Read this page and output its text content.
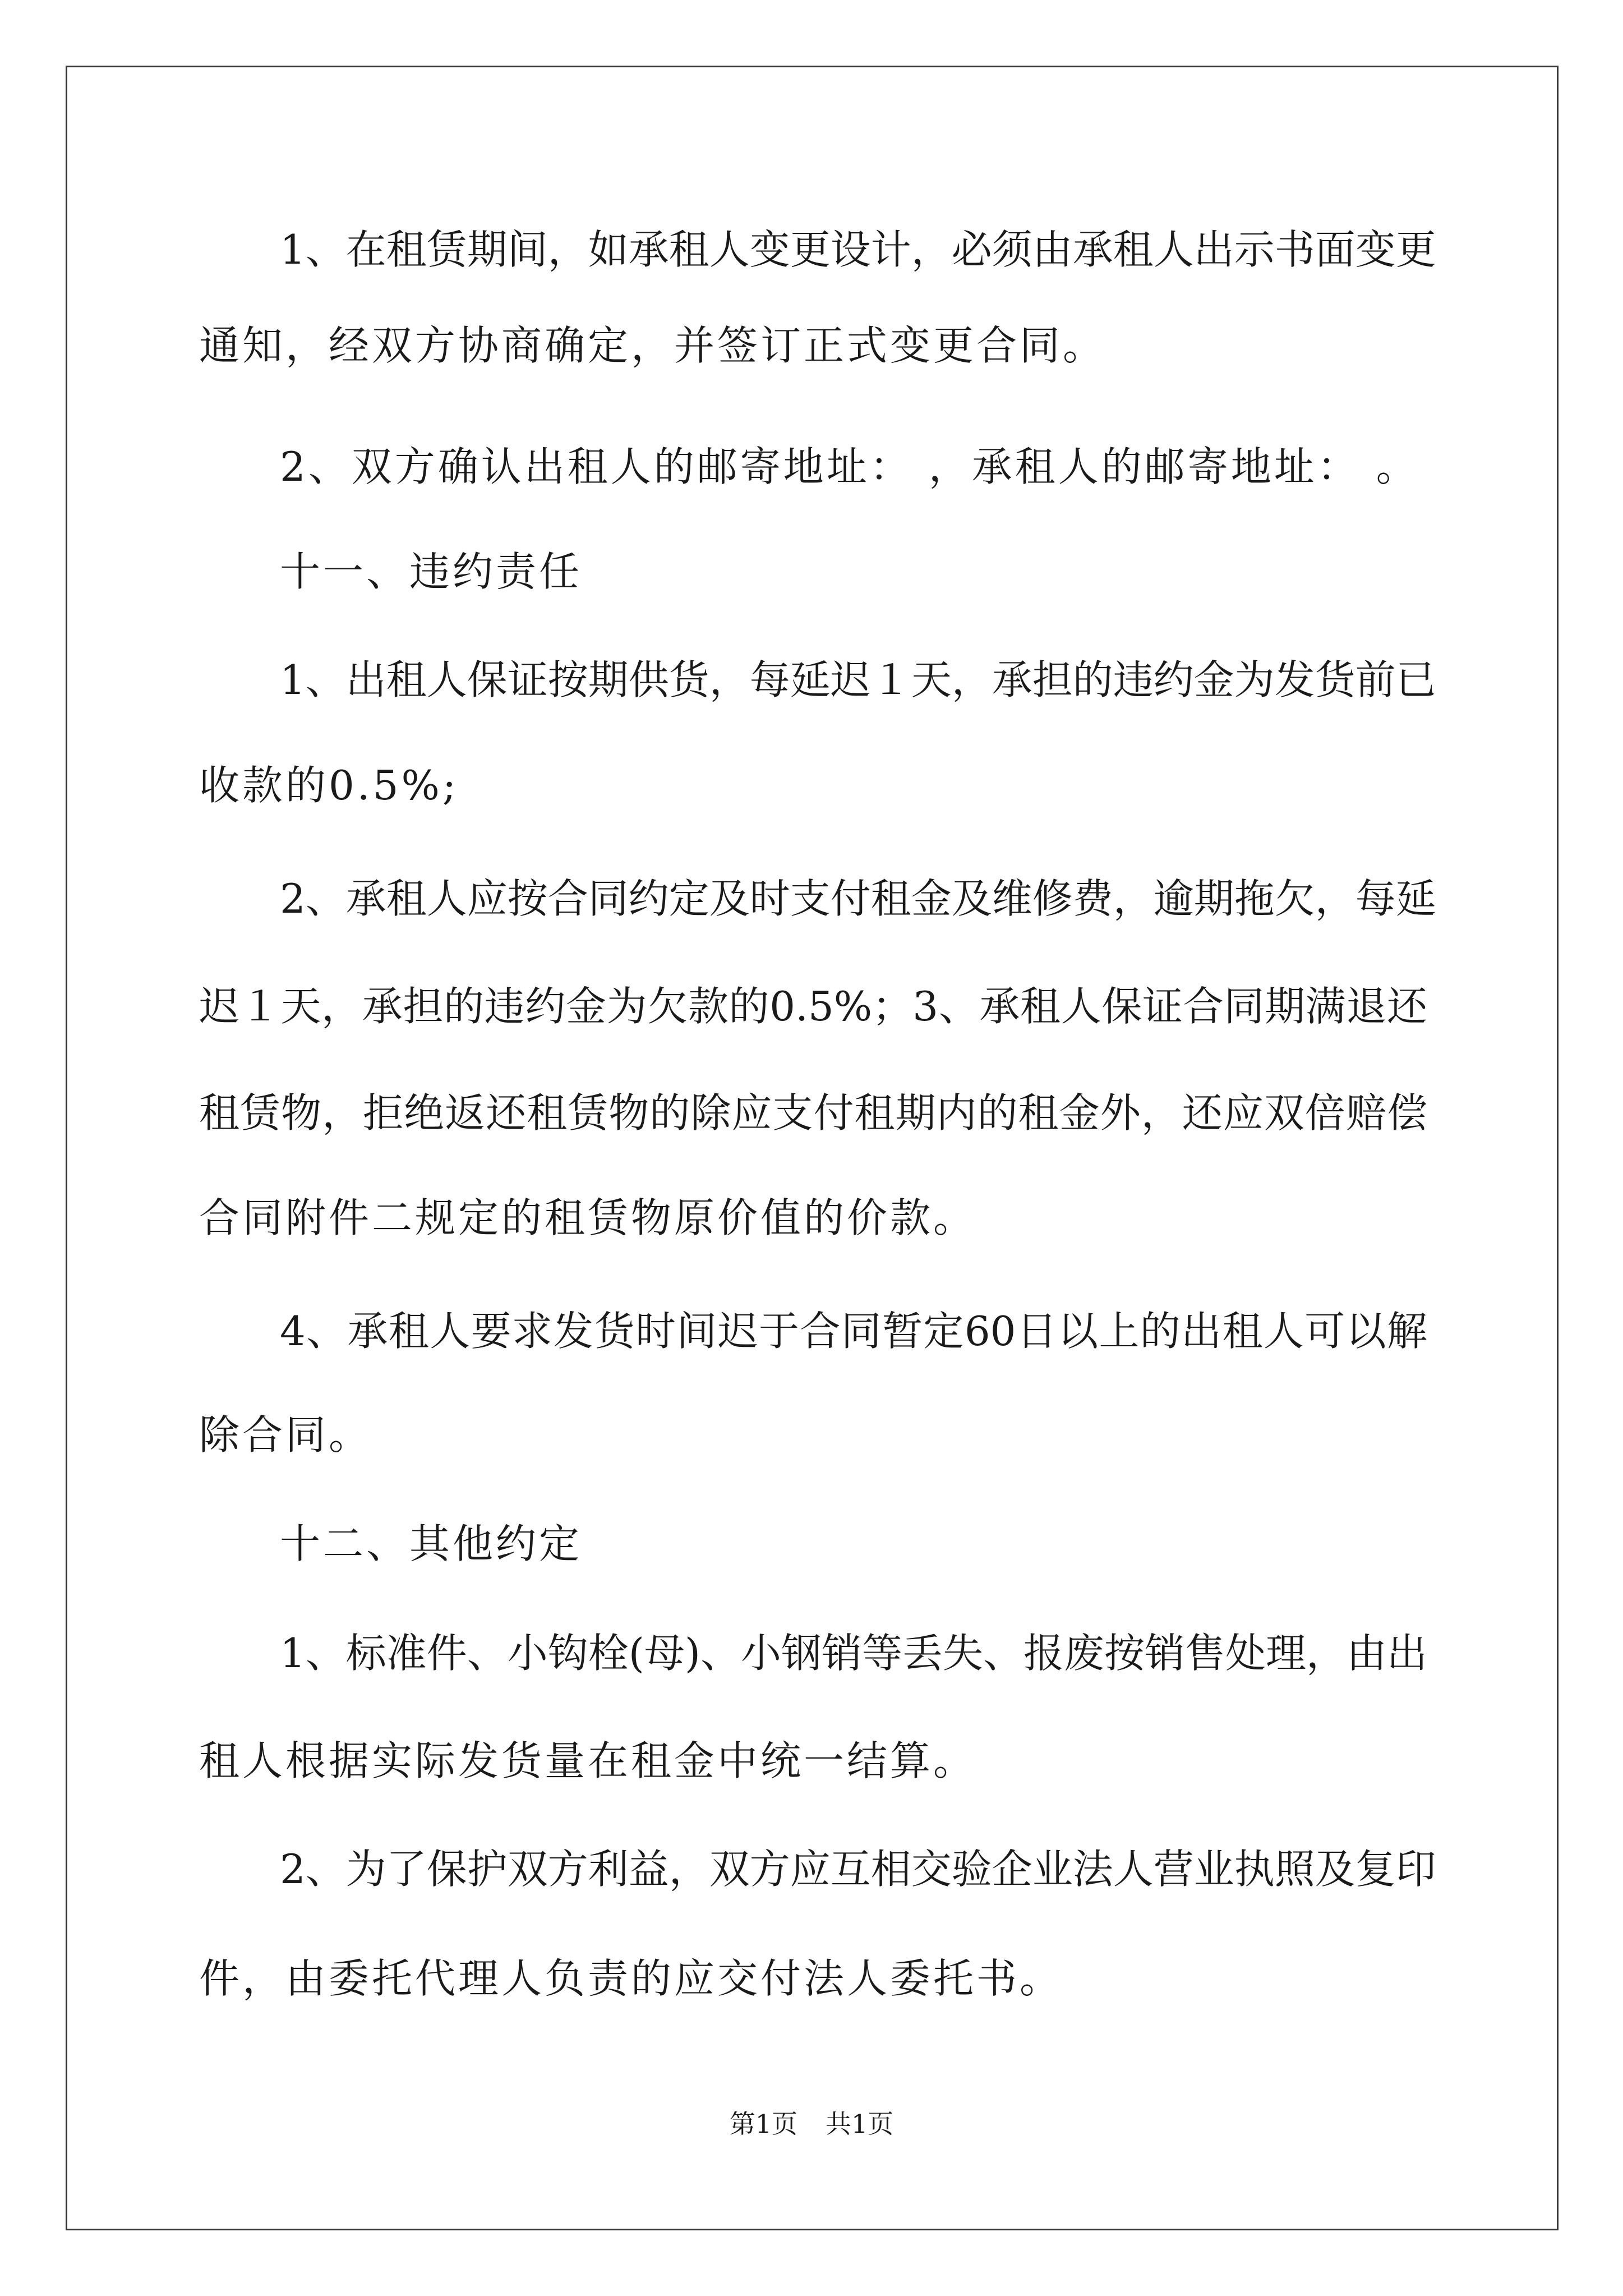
1、在租赁期间，如承租人变更设计，必须由承租人出示书面变更
通知，经双方协商确定，并签订正式变更合同。
2、双方确认出租人的邮寄地址： ，承租人的邮寄地址： 。
十一、违约责任
1、出租人保证按期供货，每延迟１天，承担的违约金为发货前已
收款的0.5%;
2、承租人应按合同约定及时支付租金及维修费，逾期拖欠，每延
迟１天，承担的违约金为欠款的0.5%；3、承租人保证合同期满退还
租赁物，拒绝返还租赁物的除应支付租期内的租金外，还应双倍赔偿
合同附件二规定的租赁物原价值的价款。
4、承租人要求发货时间迟于合同暂定60日以上的出租人可以解
除合同。
十二、其他约定
1、标准件、小钩栓(母)、小钢销等丢失、报废按销售处理，由出
租人根据实际发货量在租金中统一结算。
2、为了保护双方利益，双方应互相交验企业法人营业执照及复印
件，由委托代理人负责的应交付法人委托书。
第1页 共1页
